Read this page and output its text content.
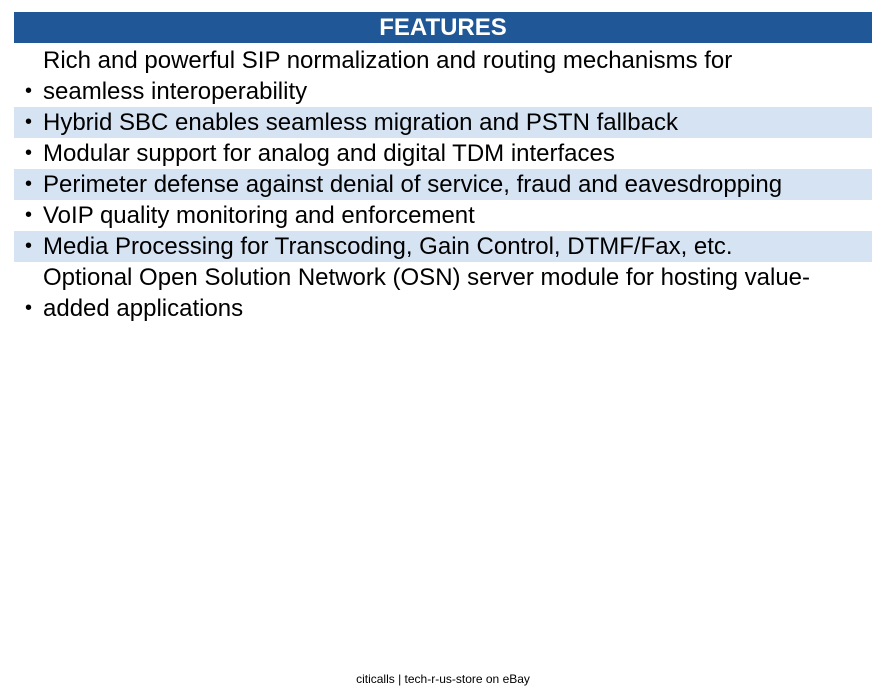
FEATURES
•
Rich and powerful SIP normalization and routing mechanisms for seamless interoperability
• Hybrid SBC enables seamless migration and PSTN fallback
• Modular support for analog and digital TDM interfaces
• Perimeter defense against denial of service, fraud and eavesdropping
• VoIP quality monitoring and enforcement
• Media Processing for Transcoding, Gain Control, DTMF/Fax, etc.
•
Optional Open Solution Network (OSN) server module for hosting value-added applications
citicalls | tech-r-us-store on eBay
